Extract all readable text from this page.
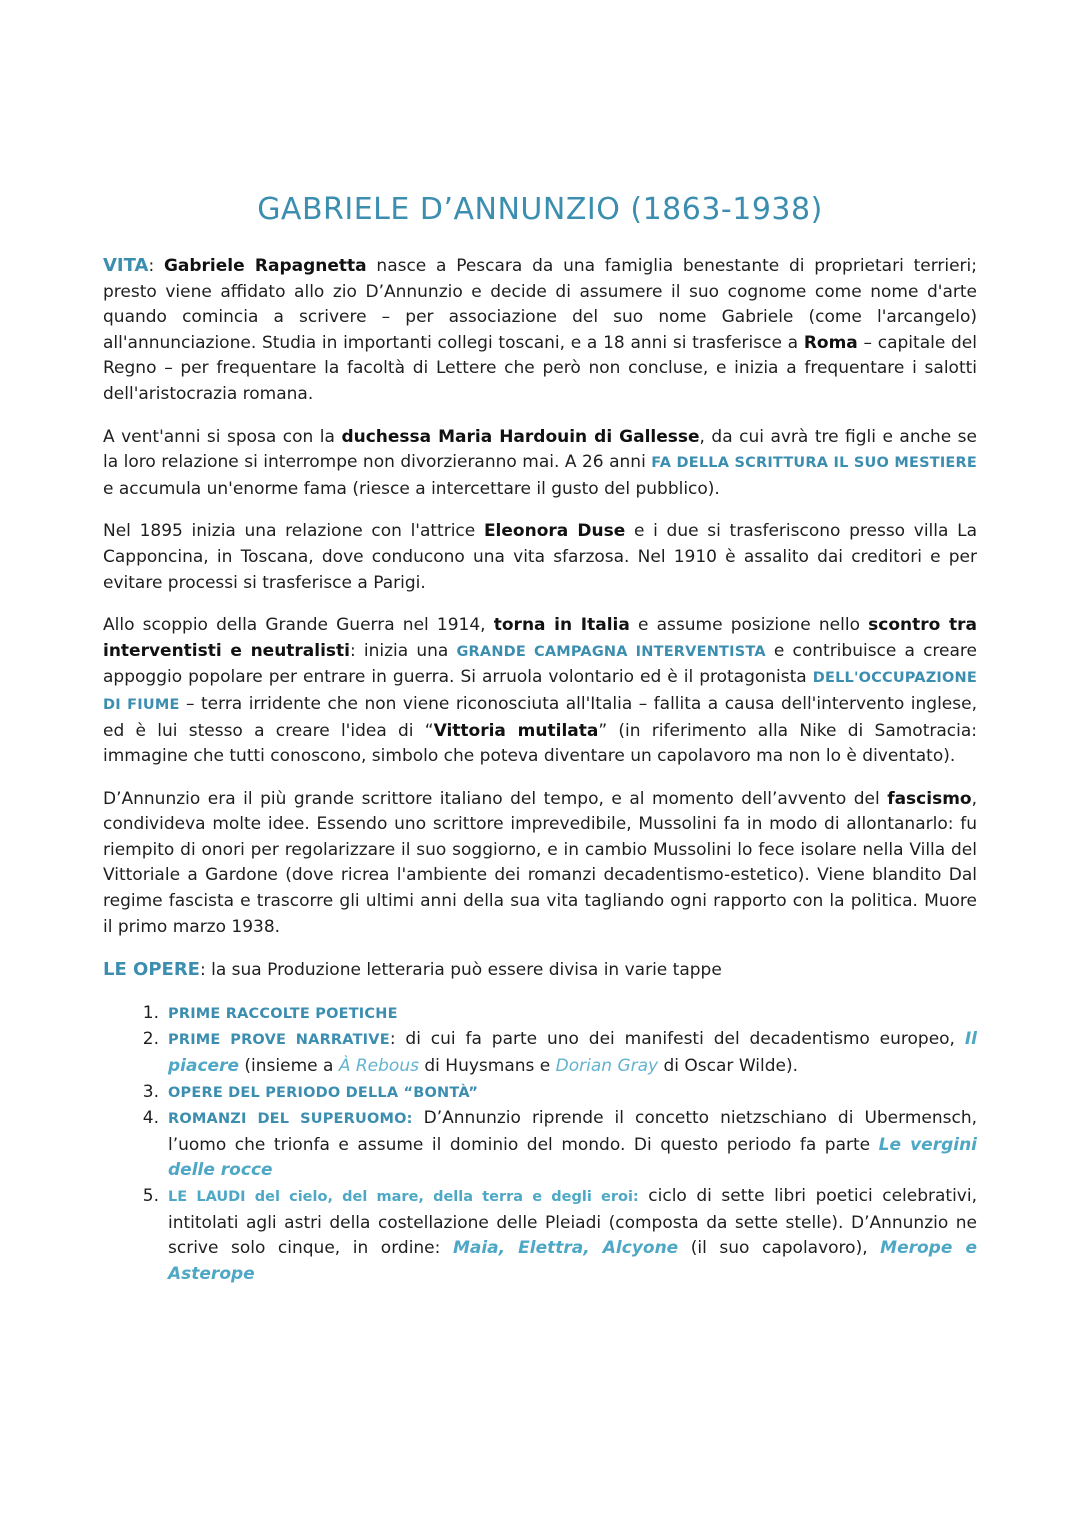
GABRIELE D’ANNUNZIO (1863-1938)

VITA: Gabriele Rapagnetta nasce a Pescara da una famiglia benestante di proprietari terrieri; presto viene affidato allo zio D’Annunzio e decide di assumere il suo cognome come nome d'arte quando comincia a scrivere – per associazione del suo nome Gabriele (come l'arcangelo) all'annunciazione. Studia in importanti collegi toscani, e a 18 anni si trasferisce a Roma – capitale del Regno – per frequentare la facoltà di Lettere che però non concluse, e inizia a frequentare i salotti dell'aristocrazia romana.

A vent'anni si sposa con la duchessa Maria Hardouin di Gallesse, da cui avrà tre figli e anche se la loro relazione si interrompe non divorzieranno mai. A 26 anni FA DELLA SCRITTURA IL SUO MESTIERE e accumula un'enorme fama (riesce a intercettare il gusto del pubblico).

Nel 1895 inizia una relazione con l'attrice Eleonora Duse e i due si trasferiscono presso villa La Capponcina, in Toscana, dove conducono una vita sfarzosa. Nel 1910 è assalito dai creditori e per evitare processi si trasferisce a Parigi.

Allo scoppio della Grande Guerra nel 1914, torna in Italia e assume posizione nello scontro tra interventisti e neutralisti: inizia una GRANDE CAMPAGNA INTERVENTISTA e contribuisce a creare appoggio popolare per entrare in guerra. Si arruola volontario ed è il protagonista DELL'OCCUPAZIONE DI FIUME – terra irridente che non viene riconosciuta all'Italia – fallita a causa dell'intervento inglese, ed è lui stesso a creare l'idea di “Vittoria mutilata” (in riferimento alla Nike di Samotracia: immagine che tutti conoscono, simbolo che poteva diventare un capolavoro ma non lo è diventato).

D’Annunzio era il più grande scrittore italiano del tempo, e al momento dell’avvento del fascismo, condivideva molte idee. Essendo uno scrittore imprevedibile, Mussolini fa in modo di allontanarlo: fu riempito di onori per regolarizzare il suo soggiorno, e in cambio Mussolini lo fece isolare nella Villa del Vittoriale a Gardone (dove ricrea l'ambiente dei romanzi decadentismo-estetico). Viene blandito Dal regime fascista e trascorre gli ultimi anni della sua vita tagliando ogni rapporto con la politica. Muore il primo marzo 1938.

LE OPERE: la sua Produzione letteraria può essere divisa in varie tappe

1. PRIME RACCOLTE POETICHE
2. PRIME PROVE NARRATIVE: di cui fa parte uno dei manifesti del decadentismo europeo, Il piacere (insieme a À Rebous di Huysmans e Dorian Gray di Oscar Wilde).
3. OPERE DEL PERIODO DELLA “BONTÀ”
4. ROMANZI DEL SUPERUOMO: D’Annunzio riprende il concetto nietzschiano di Ubermensch, l’uomo che trionfa e assume il dominio del mondo. Di questo periodo fa parte Le vergini delle rocce
5. LE LAUDI del cielo, del mare, della terra e degli eroi: ciclo di sette libri poetici celebrativi, intitolati agli astri della costellazione delle Pleiadi (composta da sette stelle). D’Annunzio ne scrive solo cinque, in ordine: Maia, Elettra, Alcyone (il suo capolavoro), Merope e Asterope
